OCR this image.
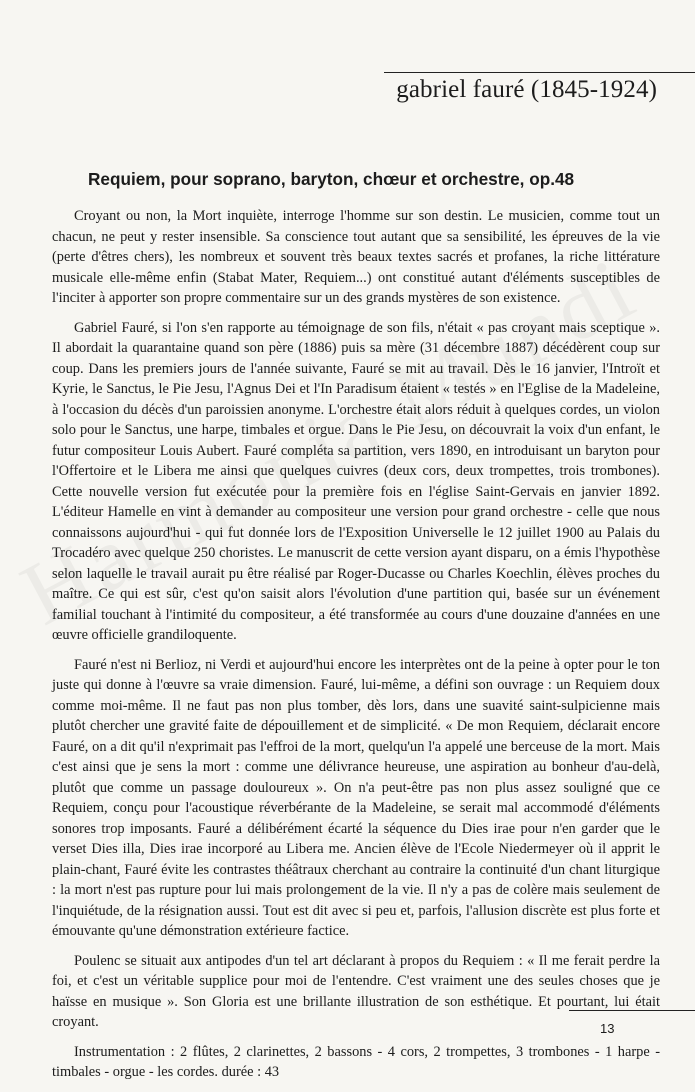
gabriel fauré (1845-1924)
Requiem, pour soprano, baryton, chœur et orchestre, op.48

Croyant ou non, la Mort inquiète, interroge l'homme sur son destin. Le musicien, comme tout un chacun, ne peut y rester insensible. Sa conscience tout autant que sa sensibilité, les épreuves de la vie (perte d'êtres chers), les nombreux et souvent très beaux textes sacrés et profanes, la riche littérature musicale elle-même enfin (Stabat Mater, Requiem...) ont constitué autant d'éléments susceptibles de l'inciter à apporter son propre commentaire sur un des grands mystères de son existence.

Gabriel Fauré, si l'on s'en rapporte au témoignage de son fils, n'était « pas croyant mais sceptique ». Il abordait la quarantaine quand son père (1886) puis sa mère (31 décembre 1887) décédèrent coup sur coup. Dans les premiers jours de l'année suivante, Fauré se mit au travail. Dès le 16 janvier, l'Introït et Kyrie, le Sanctus, le Pie Jesu, l'Agnus Dei et l'In Paradisum étaient « testés » en l'Eglise de la Madeleine, à l'occasion du décès d'un paroissien anonyme. L'orchestre était alors réduit à quelques cordes, un violon solo pour le Sanctus, une harpe, timbales et orgue. Dans le Pie Jesu, on découvrait la voix d'un enfant, le futur compositeur Louis Aubert. Fauré compléta sa partition, vers 1890, en introduisant un baryton pour l'Offertoire et le Libera me ainsi que quelques cuivres (deux cors, deux trompettes, trois trombones). Cette nouvelle version fut exécutée pour la première fois en l'église Saint-Gervais en janvier 1892. L'éditeur Hamelle en vint à demander au compositeur une version pour grand orchestre - celle que nous connaissons aujourd'hui - qui fut donnée lors de l'Exposition Universelle le 12 juillet 1900 au Palais du Trocadéro avec quelque 250 choristes. Le manuscrit de cette version ayant disparu, on a émis l'hypothèse selon laquelle le travail aurait pu être réalisé par Roger-Ducasse ou Charles Koechlin, élèves proches du maître. Ce qui est sûr, c'est qu'on saisit alors l'évolution d'une partition qui, basée sur un événement familial touchant à l'intimité du compositeur, a été transformée au cours d'une douzaine d'années en une œuvre officielle grandiloquente.

Fauré n'est ni Berlioz, ni Verdi et aujourd'hui encore les interprètes ont de la peine à opter pour le ton juste qui donne à l'œuvre sa vraie dimension. Fauré, lui-même, a défini son ouvrage : un Requiem doux comme moi-même. Il ne faut pas non plus tomber, dès lors, dans une suavité saint-sulpicienne mais plutôt chercher une gravité faite de dépouillement et de simplicité. « De mon Requiem, déclarait encore Fauré, on a dit qu'il n'exprimait pas l'effroi de la mort, quelqu'un l'a appelé une berceuse de la mort. Mais c'est ainsi que je sens la mort : comme une délivrance heureuse, une aspiration au bonheur d'au-delà, plutôt que comme un passage douloureux ». On n'a peut-être pas non plus assez souligné que ce Requiem, conçu pour l'acoustique réverbérante de la Madeleine, se serait mal accommodé d'éléments sonores trop imposants. Fauré a délibérément écarté la séquence du Dies irae pour n'en garder que le verset Dies illa, Dies irae incorporé au Libera me. Ancien élève de l'Ecole Niedermeyer où il apprit le plain-chant, Fauré évite les contrastes théâtraux cherchant au contraire la continuité d'un chant liturgique : la mort n'est pas rupture pour lui mais prolongement de la vie. Il n'y a pas de colère mais seulement de l'inquiétude, de la résignation aussi. Tout est dit avec si peu et, parfois, l'allusion discrète est plus forte et émouvante qu'une démonstration extérieure factice.

Poulenc se situait aux antipodes d'un tel art déclarant à propos du Requiem : « Il me ferait perdre la foi, et c'est un véritable supplice pour moi de l'entendre. C'est vraiment une des seules choses que je haïsse en musique ». Son Gloria est une brillante illustration de son esthétique. Et pourtant, lui était croyant.

Instrumentation : 2 flûtes, 2 clarinettes, 2 bassons - 4 cors, 2 trompettes, 3 trombones - 1 harpe - timbales - orgue - les cordes. durée : 43

13
